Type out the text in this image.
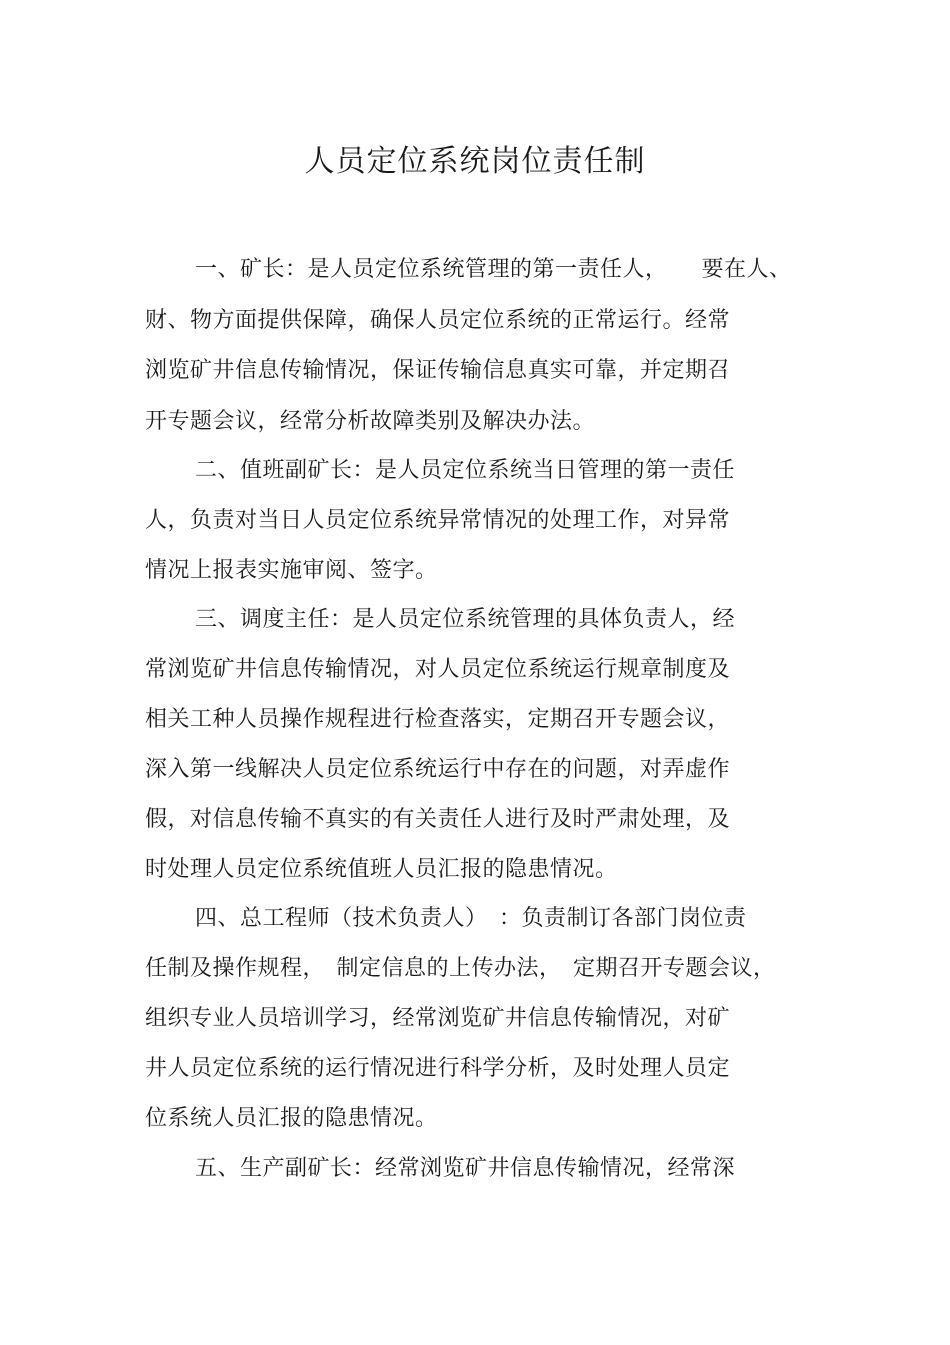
人员定位系统岗位责任制
一、矿长：是人员定位系统管理的第一责任人，　　要在人、
财、物方面提供保障，确保人员定位系统的正常运行。经常
浏览矿井信息传输情况，保证传输信息真实可靠，并定期召
开专题会议，经常分析故障类别及解决办法。
二、值班副矿长：是人员定位系统当日管理的第一责任
人，负责对当日人员定位系统异常情况的处理工作，对异常
情况上报表实施审阅、签字。
三、调度主任：是人员定位系统管理的具体负责人，经
常浏览矿井信息传输情况，对人员定位系统运行规章制度及
相关工种人员操作规程进行检查落实，定期召开专题会议，
深入第一线解决人员定位系统运行中存在的问题，对弄虚作
假，对信息传输不真实的有关责任人进行及时严肃处理，及
时处理人员定位系统值班人员汇报的隐患情况。
四、总工程师（技术负责人）　：负责制订各部门岗位责
任制及操作规程，　制定信息的上传办法，　定期召开专题会议，
组织专业人员培训学习，经常浏览矿井信息传输情况，对矿
井人员定位系统的运行情况进行科学分析，及时处理人员定
位系统人员汇报的隐患情况。
五、生产副矿长：经常浏览矿井信息传输情况，经常深
